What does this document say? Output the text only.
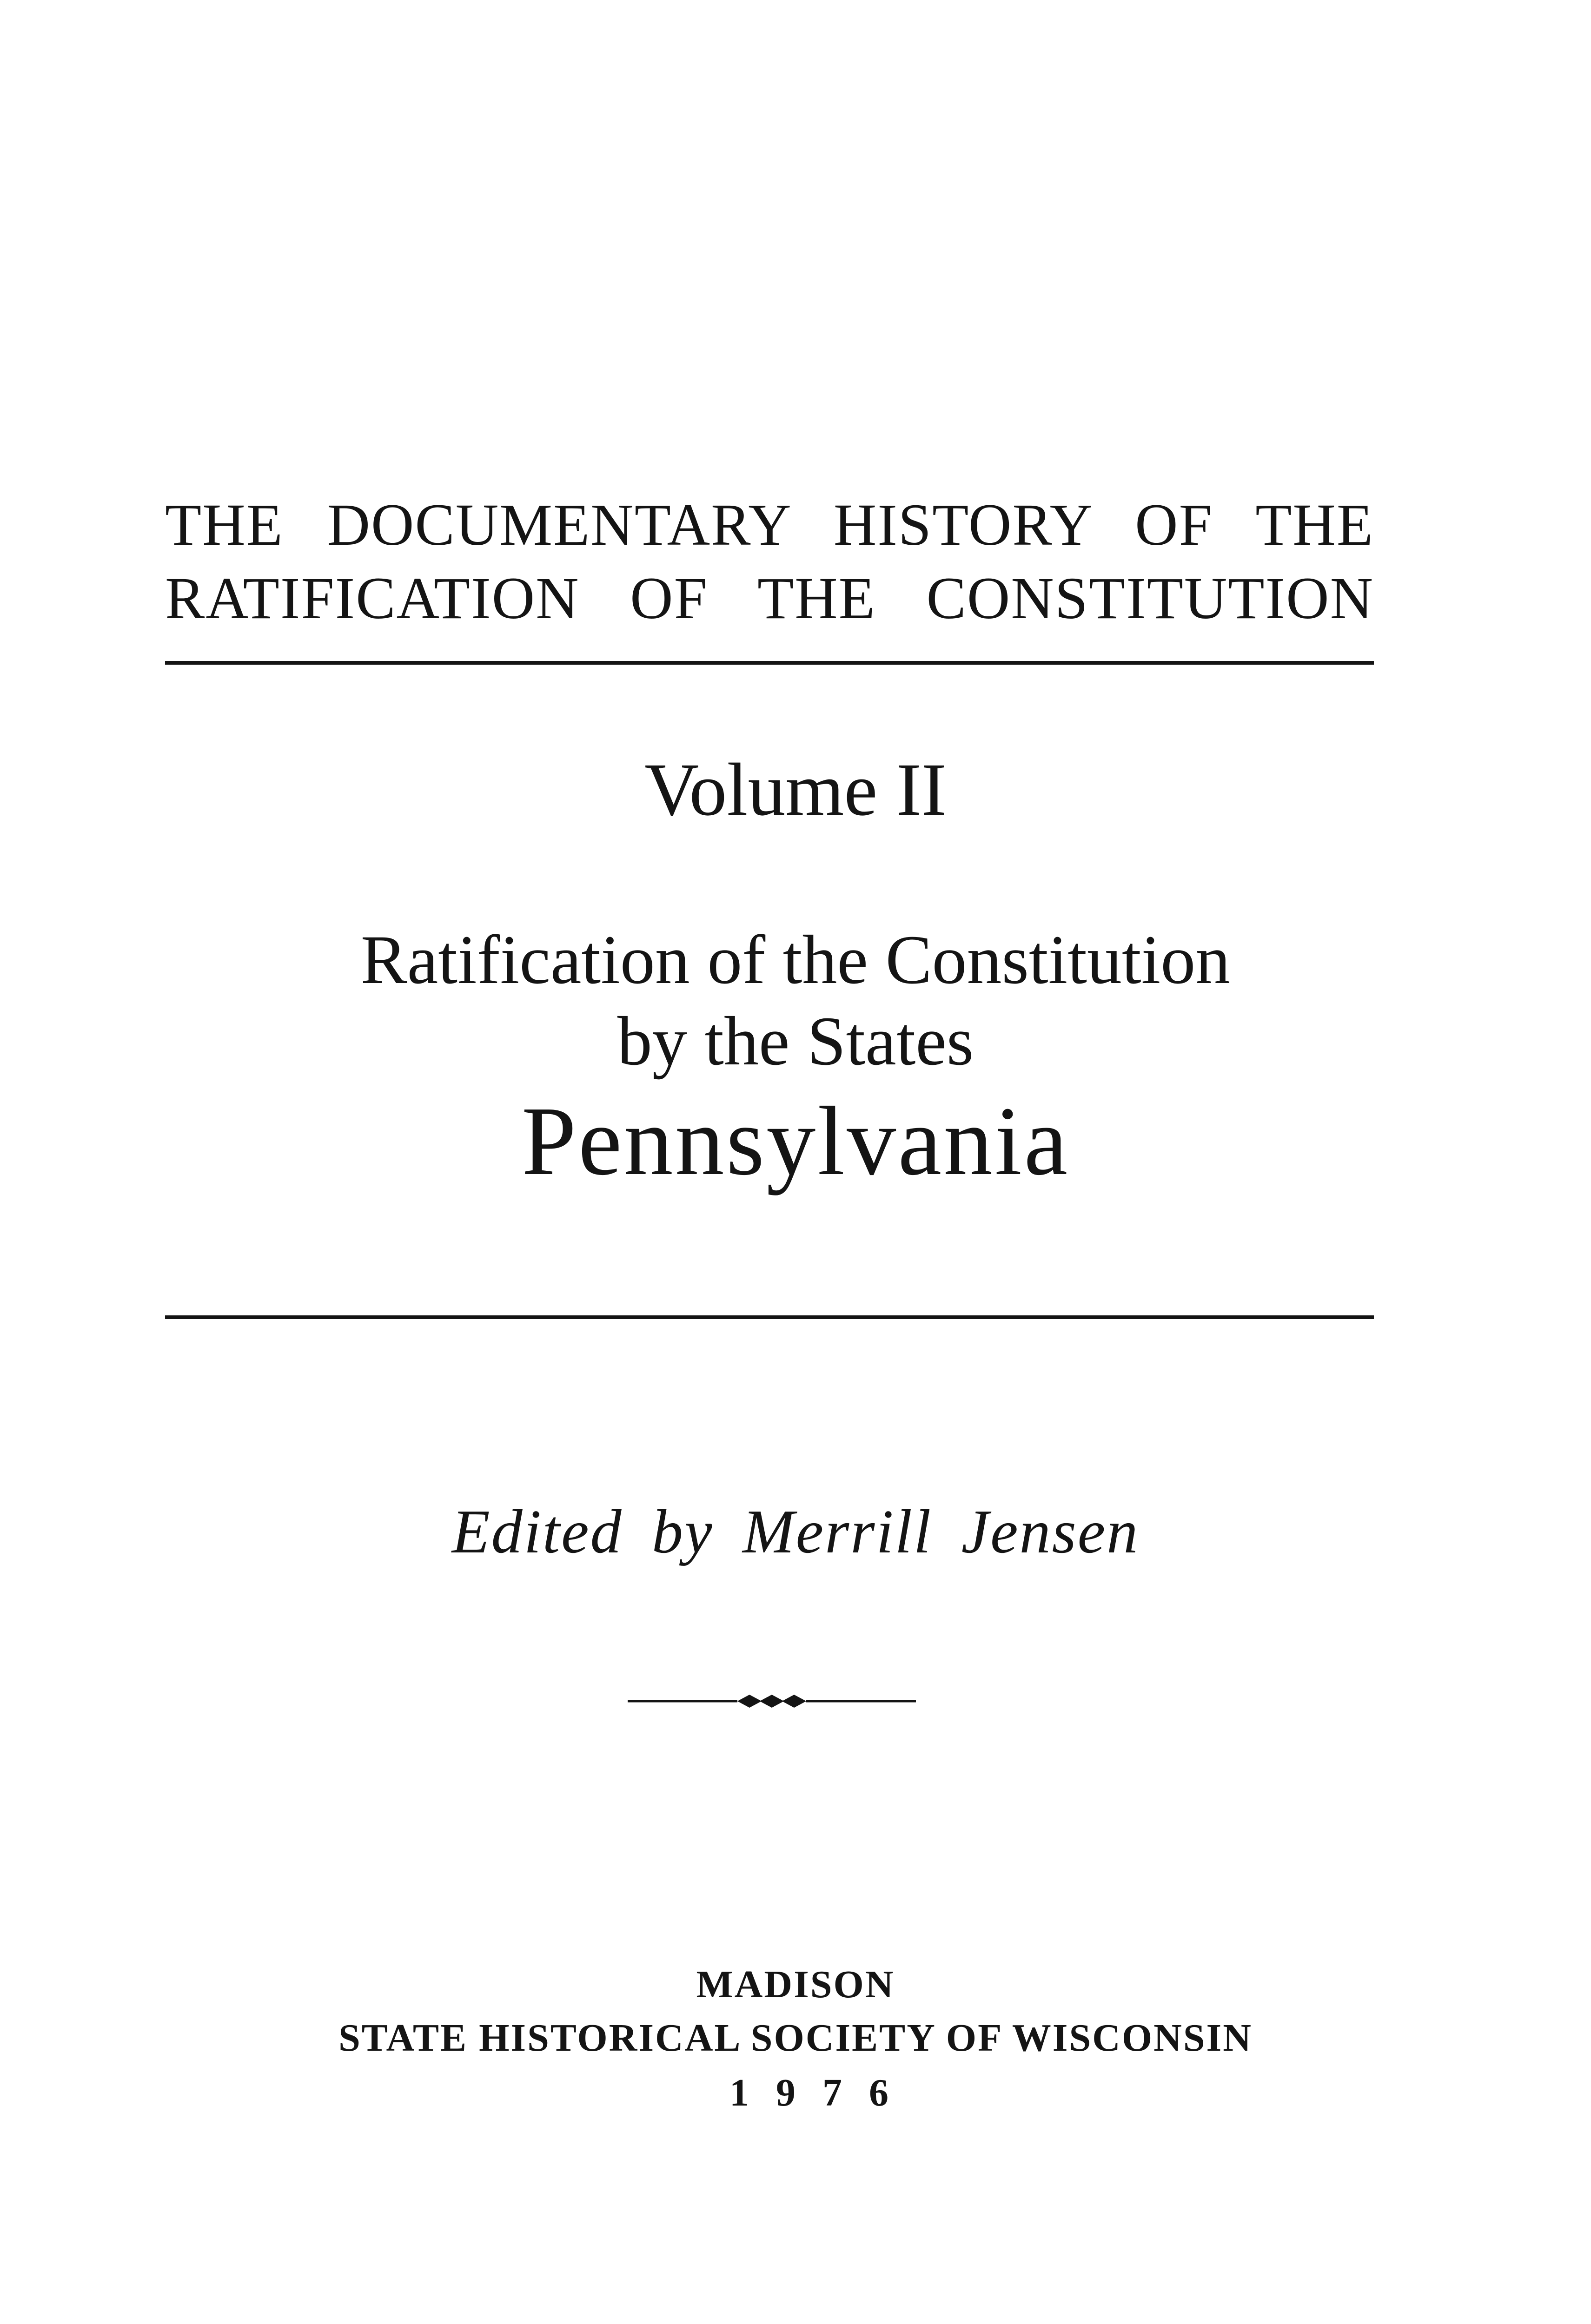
THE DOCUMENTARY HISTORY OF THE
RATIFICATION OF THE CONSTITUTION
Volume II
Ratification of the Constitution
by the States
Pennsylvania
Edited by Merrill Jensen
MADISON
STATE HISTORICAL SOCIETY OF WISCONSIN
1976
